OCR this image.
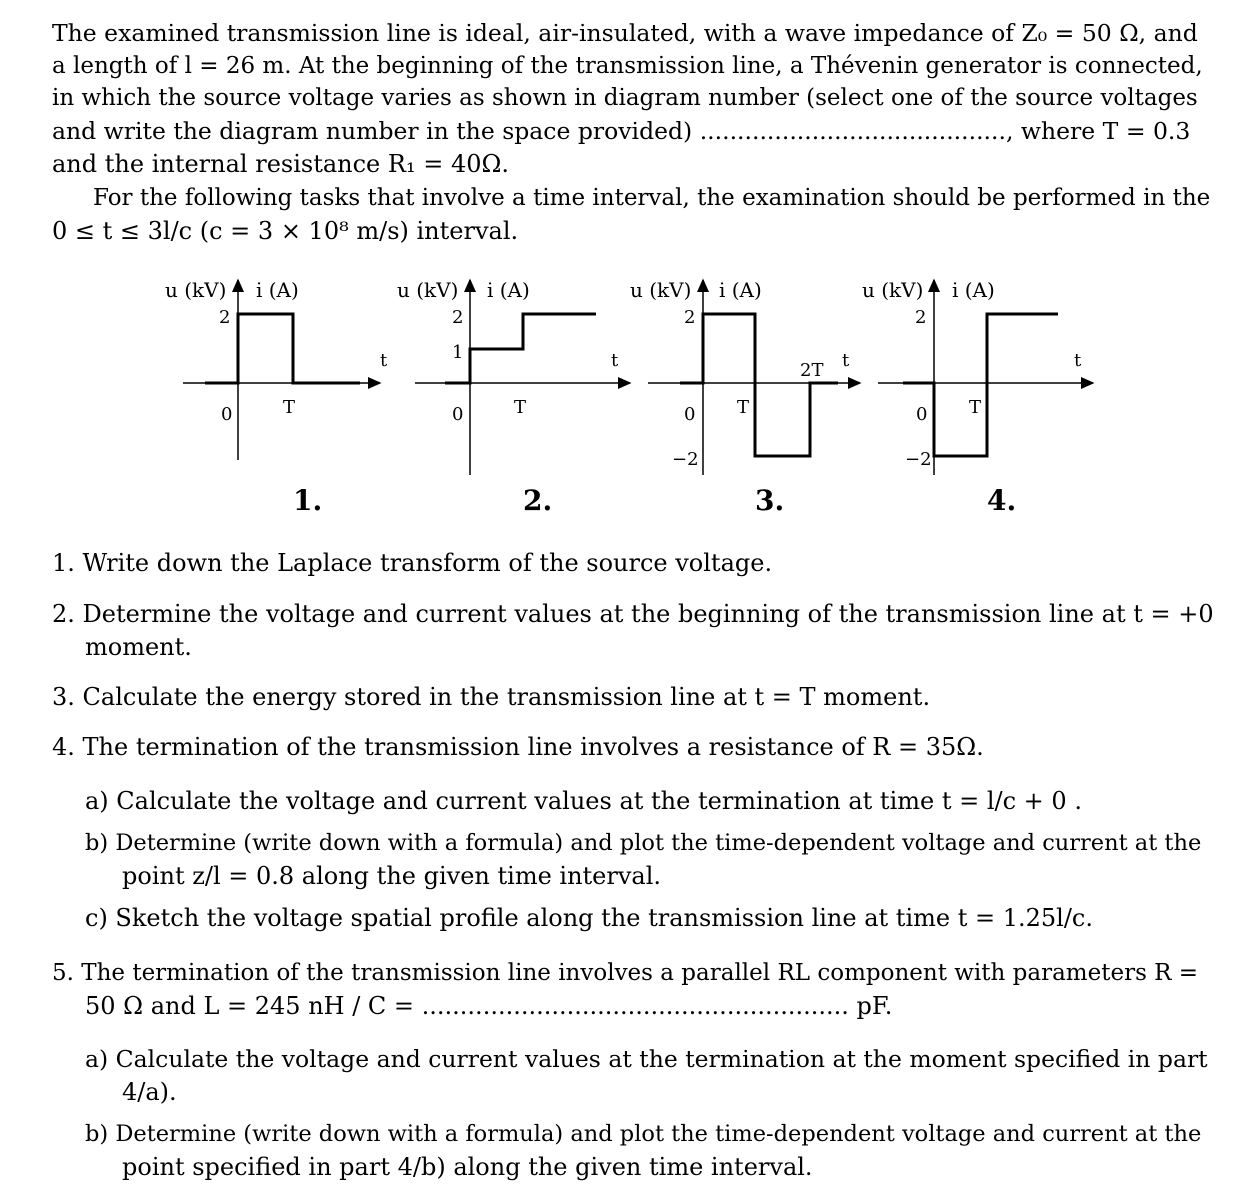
The examined transmission line is ideal, air-insulated, with a wave impedance of Z₀ = 50 Ω, and
a length of l = 26 m. At the beginning of the transmission line, a Thévenin generator is connected,
in which the source voltage varies as shown in diagram number (select one of the source voltages
and write the diagram number in the space provided) ........................................., where T = 0.3
and the internal resistance R₁ = 40Ω.
For the following tasks that involve a time interval, the examination should be performed in the
0 ≤ t ≤ 3l/c (c = 3 × 10⁸ m/s) interval.
u (kV) i (A)
2
t
0	T
1.
u (kV) i (A)
2
1	t
0	T
2.
u (kV) i (A)
2
t
2T
0 T
−2
3.
u (kV) i (A)
2
t
0 T
−2
4.
1. Write down the Laplace transform of the source voltage.
2. Determine the voltage and current values at the beginning of the transmission line at t = +0
moment.
3. Calculate the energy stored in the transmission line at t = T moment.
4. The termination of the transmission line involves a resistance of R = 35Ω.
a) Calculate the voltage and current values at the termination at time t = l/c + 0 .
b) Determine (write down with a formula) and plot the time-dependent voltage and current at the
point z/l = 0.8 along the given time interval.
c) Sketch the voltage spatial profile along the transmission line at time t = 1.25l/c.
5. The termination of the transmission line involves a parallel RL component with parameters R =
50 Ω and L = 245 nH / C = ........................................................ pF.
a) Calculate the voltage and current values at the termination at the moment specified in part
4/a).
b) Determine (write down with a formula) and plot the time-dependent voltage and current at the
point specified in part 4/b) along the given time interval.
